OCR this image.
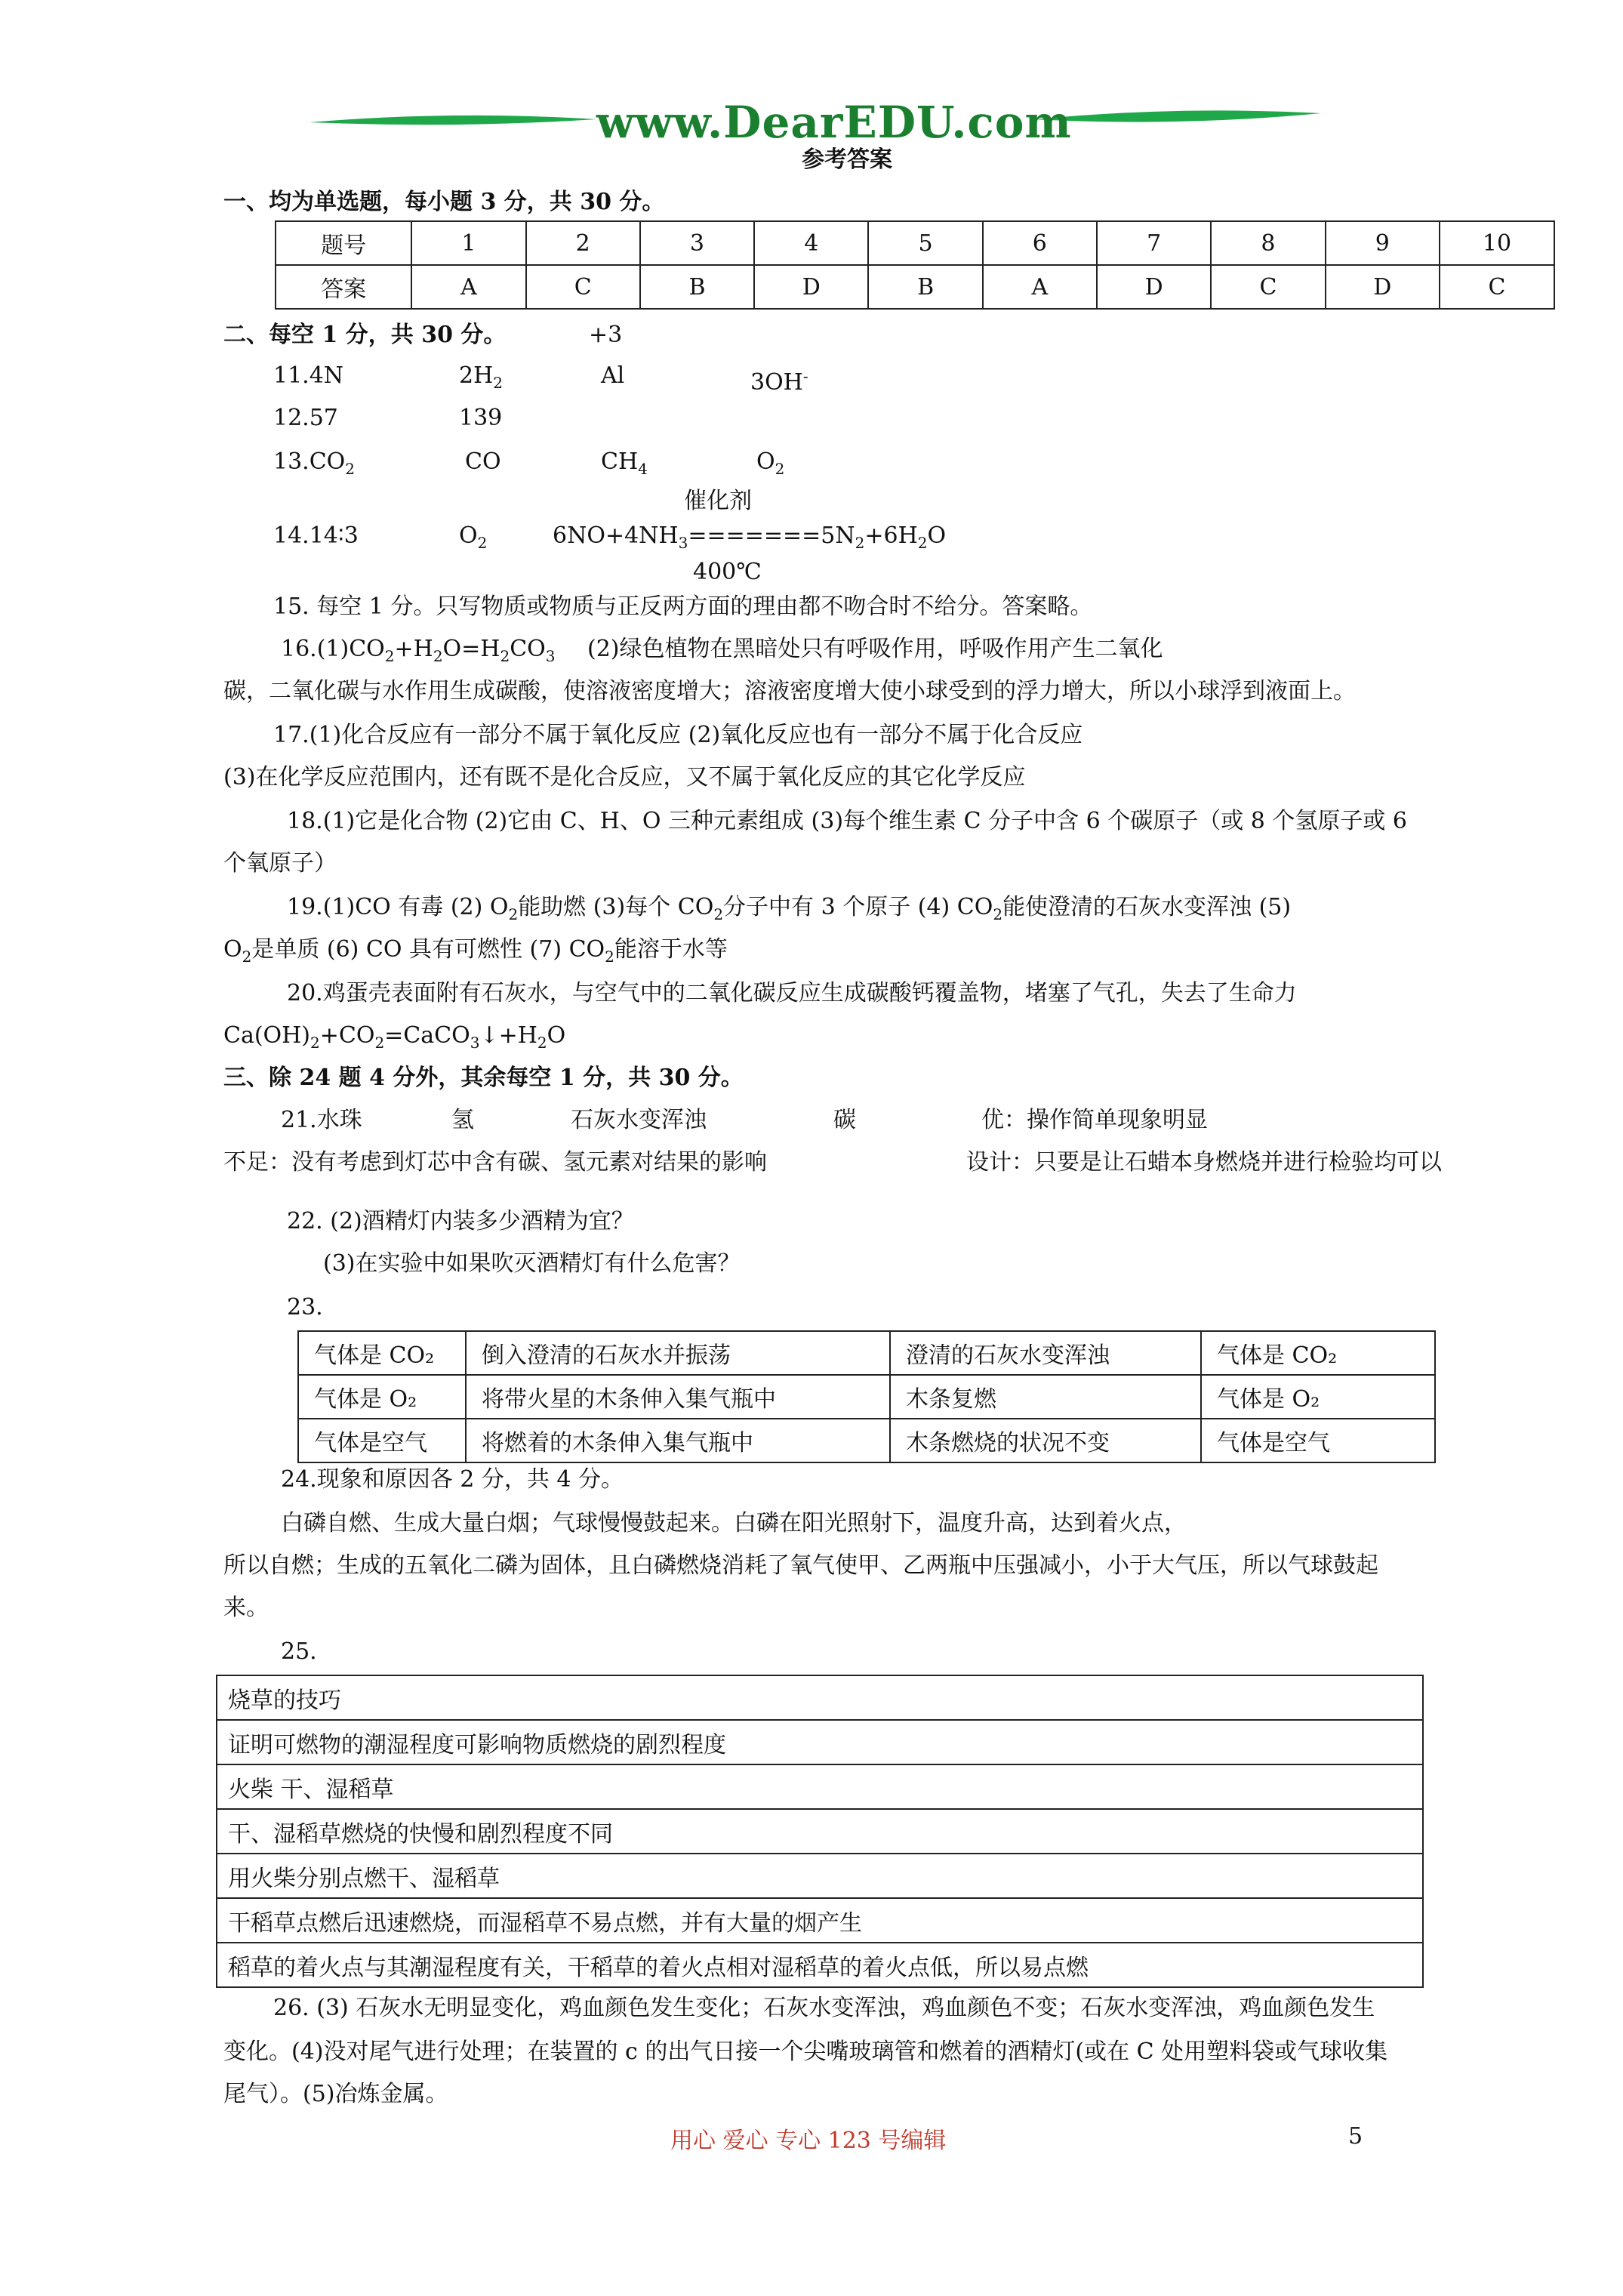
www.DearEDU.com
参考答案
一、均为单选题，每小题 3 分，共 30 分。
题号	1	2	3	4	5	6	7	8	9	10
答案	A	C	B	D	B	A	D	C	D	C
二、每空 1 分，共 30 分。	+3
11.4N	$2H_2$	Al	3OH-
12.57	139
$13.CO_2$	CO	$CH_4$	$O_2$
催化剂
14.14∶3	$O_2$	$6NO+4NH_3=======5N_2+6H_2O$
400℃
15. 每空 1 分。只写物质或物质与正反两方面的理由都不吻合时不给分。答案略。
$16.(1)CO_2+H_2O=H_2CO_3$ (2)绿色植物在黑暗处只有呼吸作用，呼吸作用产生二氧化
碳，二氧化碳与水作用生成碳酸，使溶液密度增大；溶液密度增大使小球受到的浮力增大，所以小球浮到液面上。
17.(1)化合反应有一部分不属于氧化反应 (2)氧化反应也有一部分不属于化合反应
(3)在化学反应范围内，还有既不是化合反应，又不属于氧化反应的其它化学反应
18.(1)它是化合物 (2)它由 C、H、O 三种元素组成 (3)每个维生素 C 分子中含 6 个碳原子（或 8 个氢原子或 6
个氧原子）
19.(1)CO 有毒 (2) $O_2$能助燃 (3)每个 $CO_2$分子中有 3 个原子 (4) $CO_2$能使澄清的石灰水变浑浊 (5)
$O_2$是单质 (6) CO 具有可燃性 (7) $CO_2$能溶于水等
20.鸡蛋壳表面附有石灰水，与空气中的二氧化碳反应生成碳酸钙覆盖物，堵塞了气孔，失去了生命力
$Ca(OH)_2+CO_2=CaCO_3↓+H_2O$
三、除 24 题 4 分外，其余每空 1 分，共 30 分。
21.水珠	氢	石灰水变浑浊	碳	优：操作简单现象明显
不足：没有考虑到灯芯中含有碳、氢元素对结果的影响	设计：只要是让石蜡本身燃烧并进行检验均可以
22. (2)酒精灯内装多少酒精为宜？
(3)在实验中如果吹灭酒精灯有什么危害？
23.
气体是 CO₂	倒入澄清的石灰水并振荡	澄清的石灰水变浑浊	气体是 CO₂
气体是 O₂	将带火星的木条伸入集气瓶中	木条复燃	气体是 O₂
气体是空气	将燃着的木条伸入集气瓶中	木条燃烧的状况不变	气体是空气
24.现象和原因各 2 分，共 4 分。
白磷自燃、生成大量白烟；气球慢慢鼓起来。白磷在阳光照射下，温度升高，达到着火点，
所以自燃；生成的五氧化二磷为固体，且白磷燃烧消耗了氧气使甲、乙两瓶中压强减小，小于大气压，所以气球鼓起
来。
25.
烧草的技巧
证明可燃物的潮湿程度可影响物质燃烧的剧烈程度
火柴 干、湿稻草
干、湿稻草燃烧的快慢和剧烈程度不同
用火柴分别点燃干、湿稻草
干稻草点燃后迅速燃烧，而湿稻草不易点燃，并有大量的烟产生
稻草的着火点与其潮湿程度有关，干稻草的着火点相对湿稻草的着火点低，所以易点燃
26. (3) 石灰水无明显变化，鸡血颜色发生变化；石灰水变浑浊，鸡血颜色不变；石灰水变浑浊，鸡血颜色发生
变化。(4)没对尾气进行处理；在装置的 c 的出气日接一个尖嘴玻璃管和燃着的酒精灯(或在 C 处用塑料袋或气球收集
尾气）。(5)冶炼金属。
用心 爱心 专心 123 号编辑	5
